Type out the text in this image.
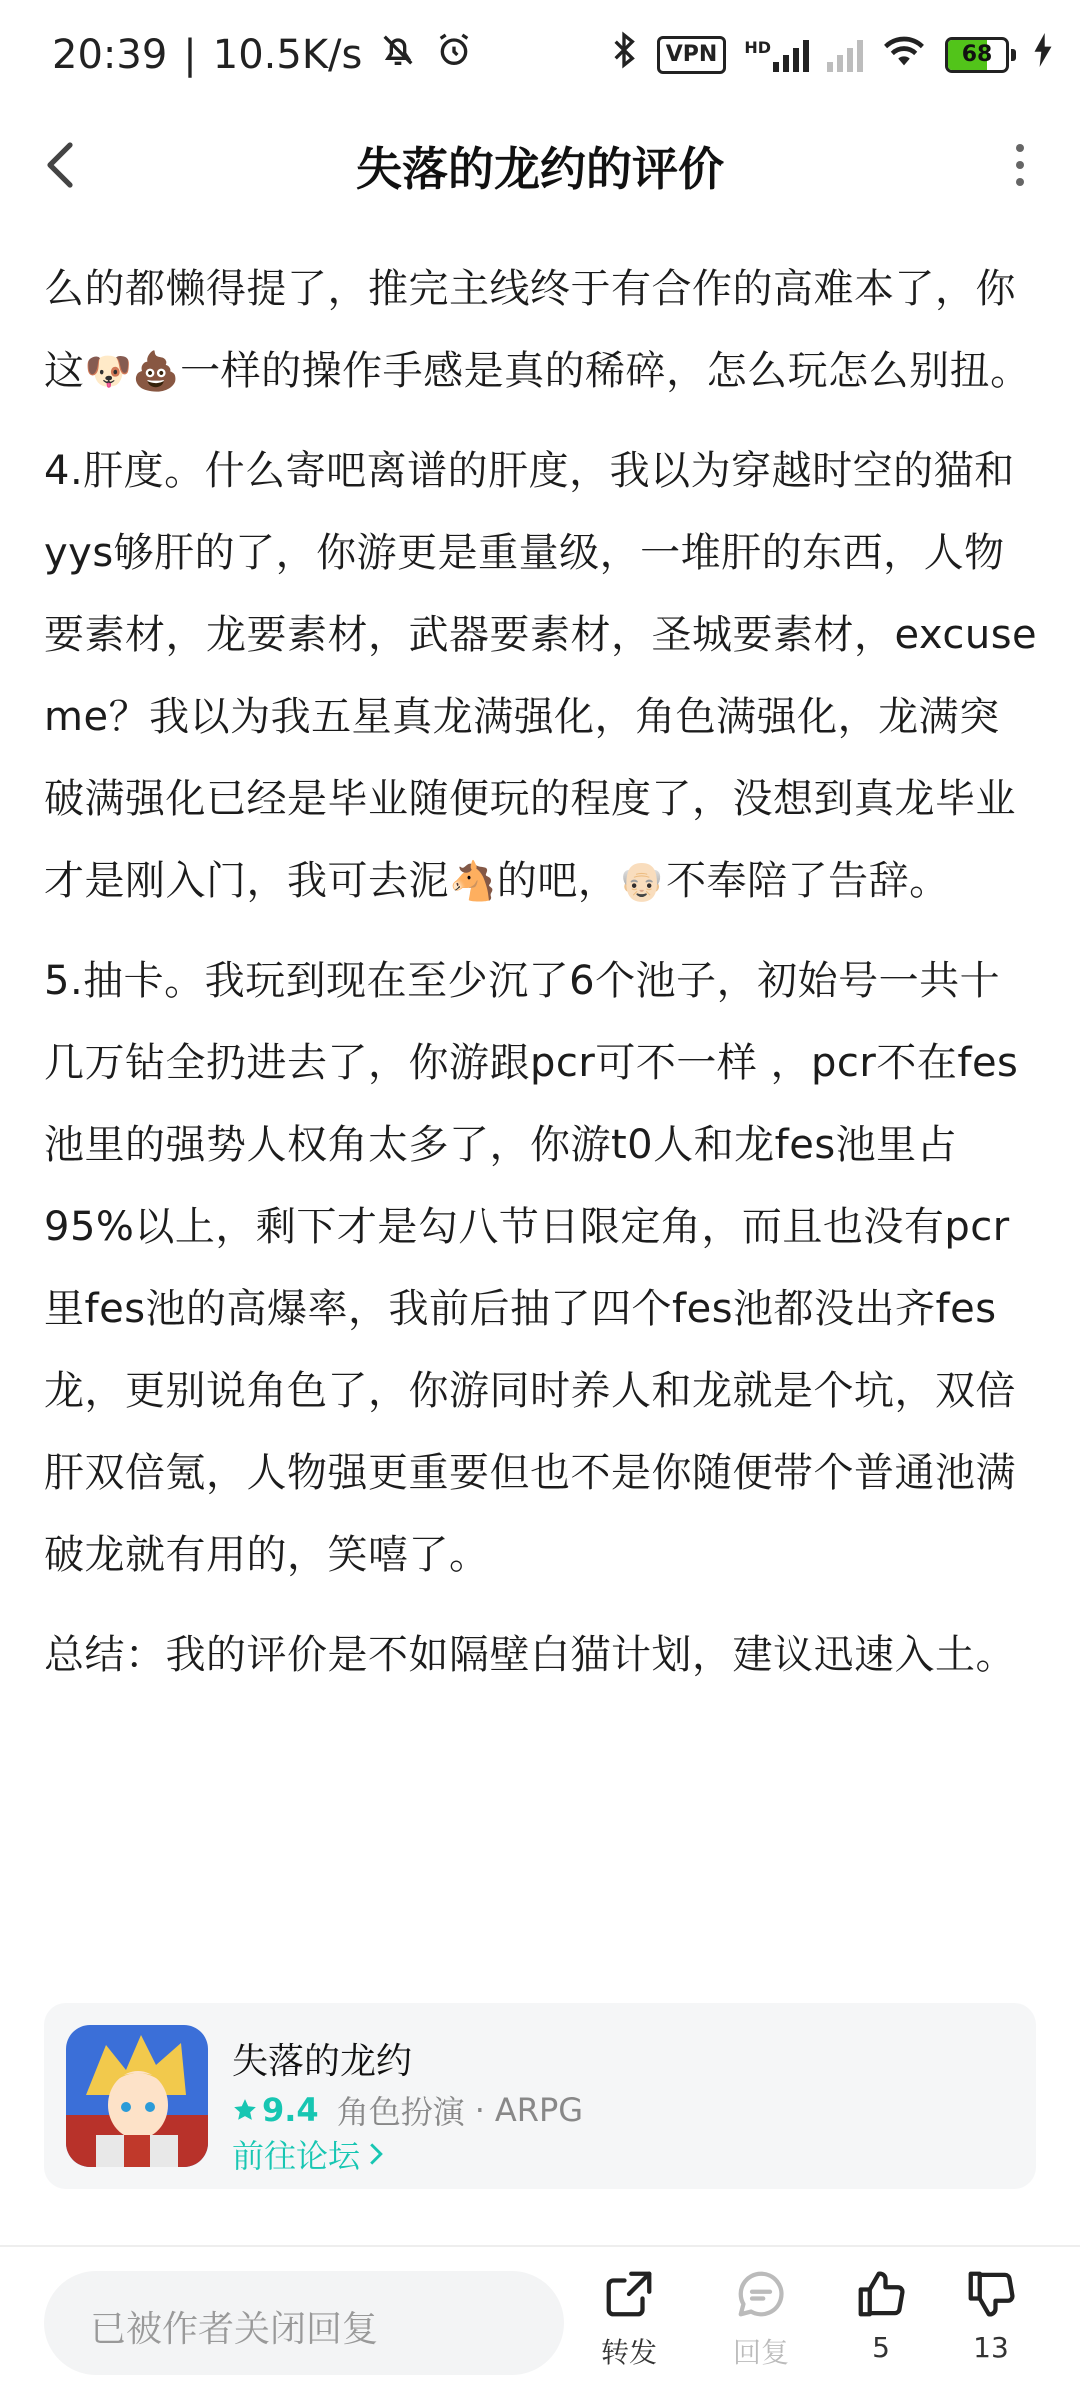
20:39 | 10.5K/s	VPN	HD	68
失落的龙约的评价

么的都懒得提了，推完主线终于有合作的高难本了，你这🐶💩一样的操作手感是真的稀碎，怎么玩怎么别扭。

4.肝度。什么寄吧离谱的肝度，我以为穿越时空的猫和yys够肝的了，你游更是重量级，一堆肝的东西，人物要素材，龙要素材，武器要素材，圣城要素材，excuse me？我以为我五星真龙满强化，角色满强化，龙满突破满强化已经是毕业随便玩的程度了，没想到真龙毕业才是刚入门，我可去泥🐴的吧，👴🏻不奉陪了告辞。

5.抽卡。我玩到现在至少沉了6个池子，初始号一共十几万钻全扔进去了，你游跟pcr可不一样 ，pcr不在fes池里的强势人权角太多了，你游t0人和龙fes池里占95%以上，剩下才是勾八节日限定角，而且也没有pcr里fes池的高爆率，我前后抽了四个fes池都没出齐fes龙，更别说角色了，你游同时养人和龙就是个坑，双倍肝双倍氪，人物强更重要但也不是你随便带个普通池满破龙就有用的，笑嘻了。

总结：我的评价是不如隔壁白猫计划，建议迅速入土。

失落的龙约
9.4 角色扮演 · ARPG
前往论坛
已被作者关闭回复
转发	回复	5	13
